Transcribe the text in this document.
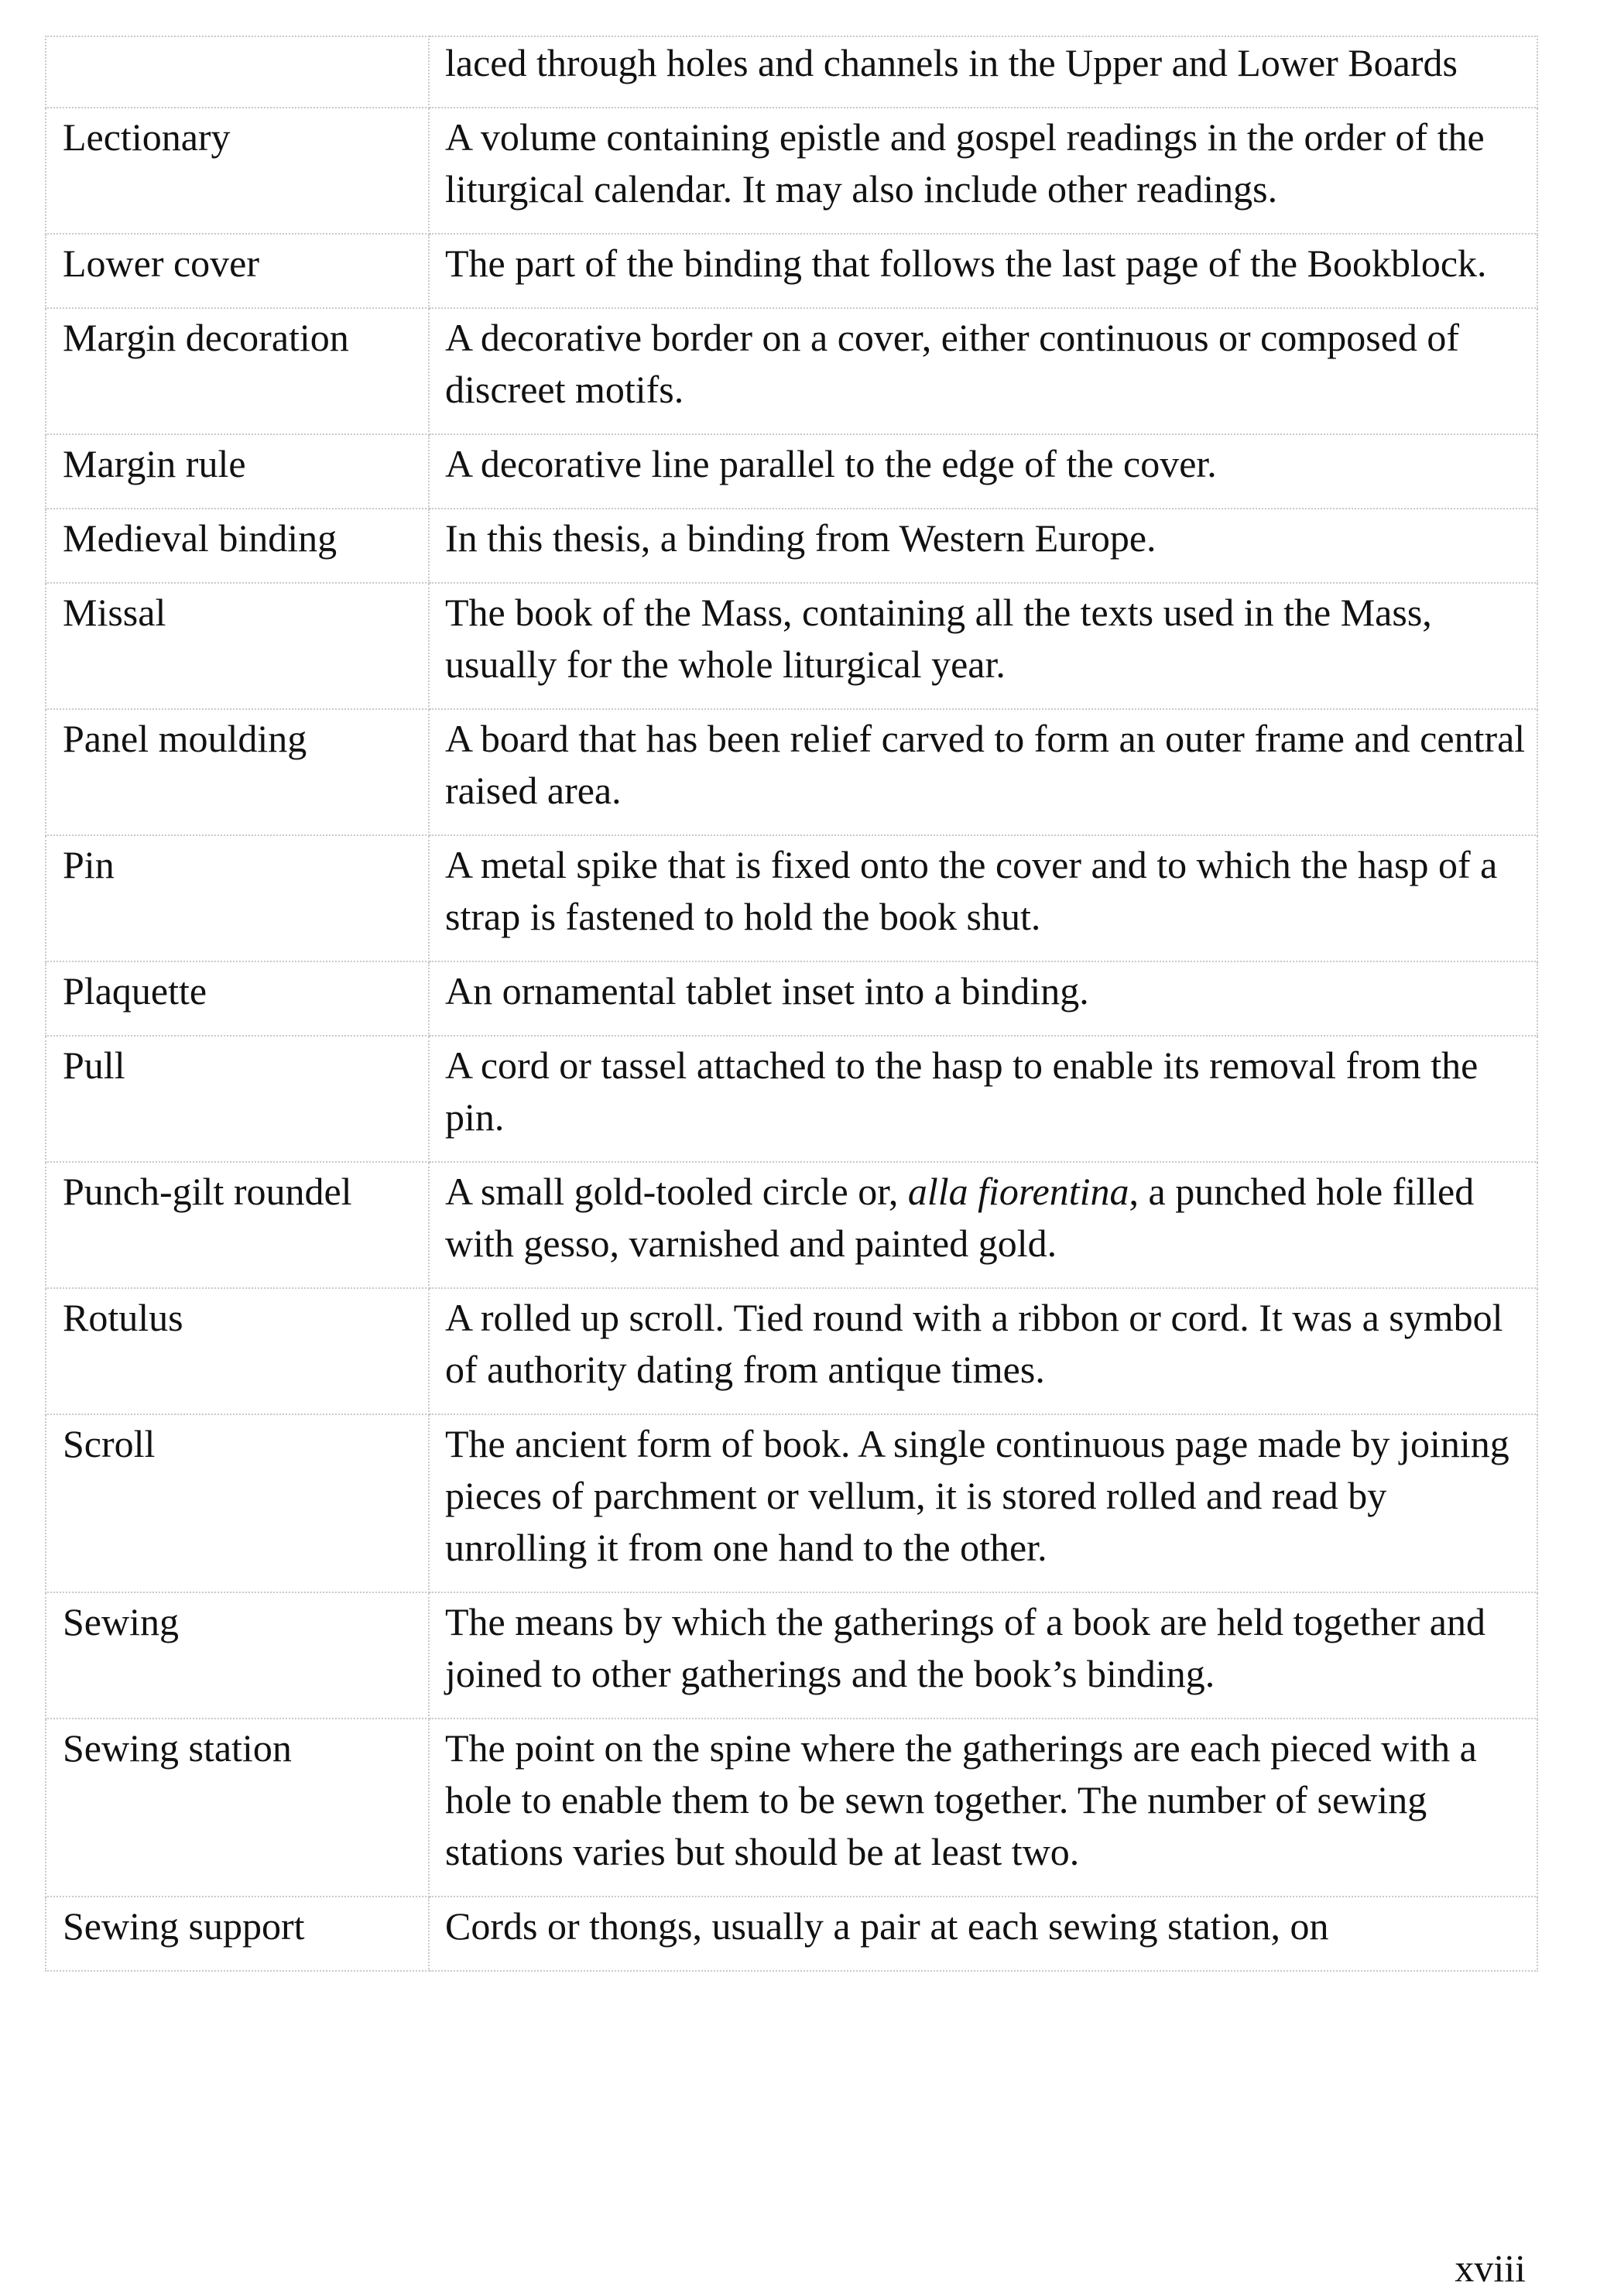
	laced through holes and channels in the Upper and Lower Boards
Lectionary	A volume containing epistle and gospel readings in the order of the liturgical calendar. It may also include other readings.
Lower cover	The part of the binding that follows the last page of the Bookblock.
Margin decoration	A decorative border on a cover, either continuous or composed of discreet motifs.
Margin rule	A decorative line parallel to the edge of the cover.
Medieval binding	In this thesis, a binding from Western Europe.
Missal	The book of the Mass, containing all the texts used in the Mass, usually for the whole liturgical year.
Panel moulding	A board that has been relief carved to form an outer frame and central raised area.
Pin	A metal spike that is fixed onto the cover and to which the hasp of a strap is fastened to hold the book shut.
Plaquette	An ornamental tablet inset into a binding.
Pull	A cord or tassel attached to the hasp to enable its removal from the pin.
Punch-gilt roundel	A small gold-tooled circle or, alla fiorentina, a punched hole filled with gesso, varnished and painted gold.
Rotulus	A rolled up scroll. Tied round with a ribbon or cord. It was a symbol of authority dating from antique times.
Scroll	The ancient form of book. A single continuous page made by joining pieces of parchment or vellum, it is stored rolled and read by unrolling it from one hand to the other.
Sewing	The means by which the gatherings of a book are held together and joined to other gatherings and the book’s binding.
Sewing station	The point on the spine where the gatherings are each pieced with a hole to enable them to be sewn together. The number of sewing stations varies but should be at least two.
Sewing support	Cords or thongs, usually a pair at each sewing station, on
xviii
